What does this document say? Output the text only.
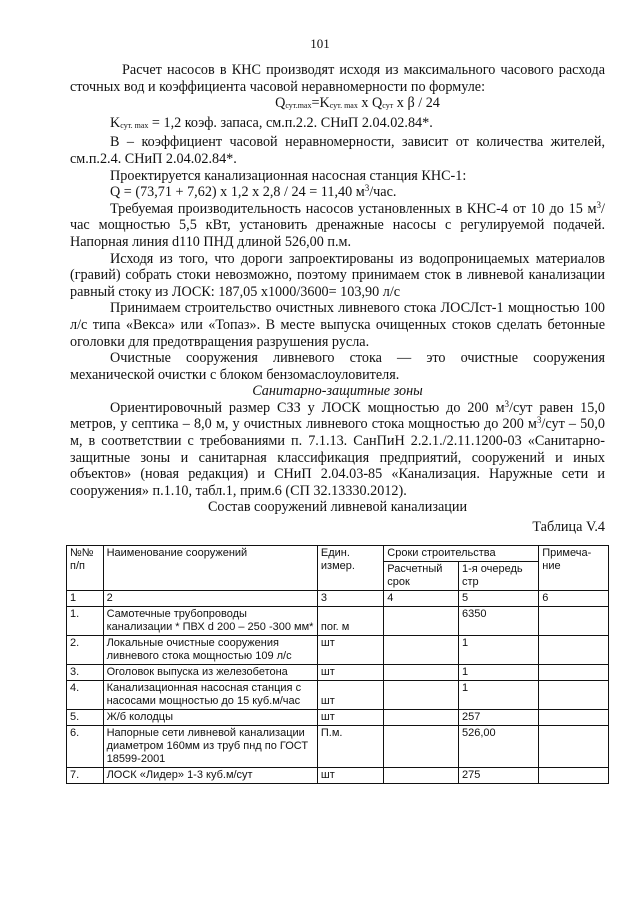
101

Расчет насосов в КНС производят исходя из максимального часового расхода сточных вод и коэффициента часовой неравномерности по формуле:

$Q_{сут.max}=K_{сут. max}$ x $Q_{сут}$ x β / 24

$K_{сут. max} = 1,2$ коэф. запаса, см.п.2.2. СНиП 2.04.02.84*.

В – коэффициент часовой неравномерности, зависит от количества жителей, см.п.2.4. СНиП 2.04.02.84*.

Проектируется канализационная насосная станция КНС-1:

Q = (73,71 + 7,62) х 1,2 х 2,8 / 24 = 11,40 $м^3$/час.

Требуемая производительность насосов установленных в КНС-4 от 10 до 15 $м^3$/час мощностью 5,5 кВт, установить дренажные насосы с регулируемой подачей. Напорная линия d110 ПНД длиной 526,00 п.м.

Исходя из того, что дороги запроектированы из водопроницаемых материалов (гравий) собрать стоки невозможно, поэтому принимаем сток в ливневой канализации равный стоку из ЛОСК: 187,05 х1000/3600= 103,90 л/с

Принимаем строительство очистных ливневого стока ЛОСЛст-1 мощностью 100 л/с типа «Векса» или «Топаз». В месте выпуска очищенных стоков сделать бетонные оголовки для предотвращения разрушения русла.

Очистные сооружения ливневого стока — это очистные сооружения механической очистки с блоком бензомаслоуловителя.

Санитарно-защитные зоны

Ориентировочный размер СЗЗ у ЛОСК мощностью до 200 $м^3$/сут равен 15,0 метров, у септика – 8,0 м, у очистных ливневого стока мощностью до 200 $м^3$/сут – 50,0 м, в соответствии с требованиями п. 7.1.13. СанПиН 2.2.1./2.11.1200-03 «Санитарно-защитные зоны и санитарная классификация предприятий, сооружений и иных объектов» (новая редакция) и СНиП 2.04.03-85 «Канализация. Наружные сети и сооружения» п.1.10, табл.1, прим.6 (СП 32.13330.2012).

Состав сооружений ливневой канализации

Таблица V.4

№№ п/п	Наименование сооружений	Един. измер.	Сроки строительства		Примеча-ние
			Расчетный срок	1-я очередь стр	
1	2	3	4	5	6
1.	Самотечные трубопроводы канализации * ПВХ d 200 – 250 -300 мм*	пог. м		6350	
2.	Локальные очистные сооружения ливневого стока мощностью 109 л/с	шт		1	
3.	Оголовок выпуска из железобетона	шт		1	
4.	Канализационная насосная станция с насосами мощностью до 15 куб.м/час	шт		1	
5.	Ж/б колодцы	шт		257	
6.	Напорные сети ливневой канализации диаметром 160мм из труб пнд по ГОСТ 18599-2001	П.м.		526,00	
7.	ЛОСК «Лидер» 1-3 куб.м/сут	шт		275	
